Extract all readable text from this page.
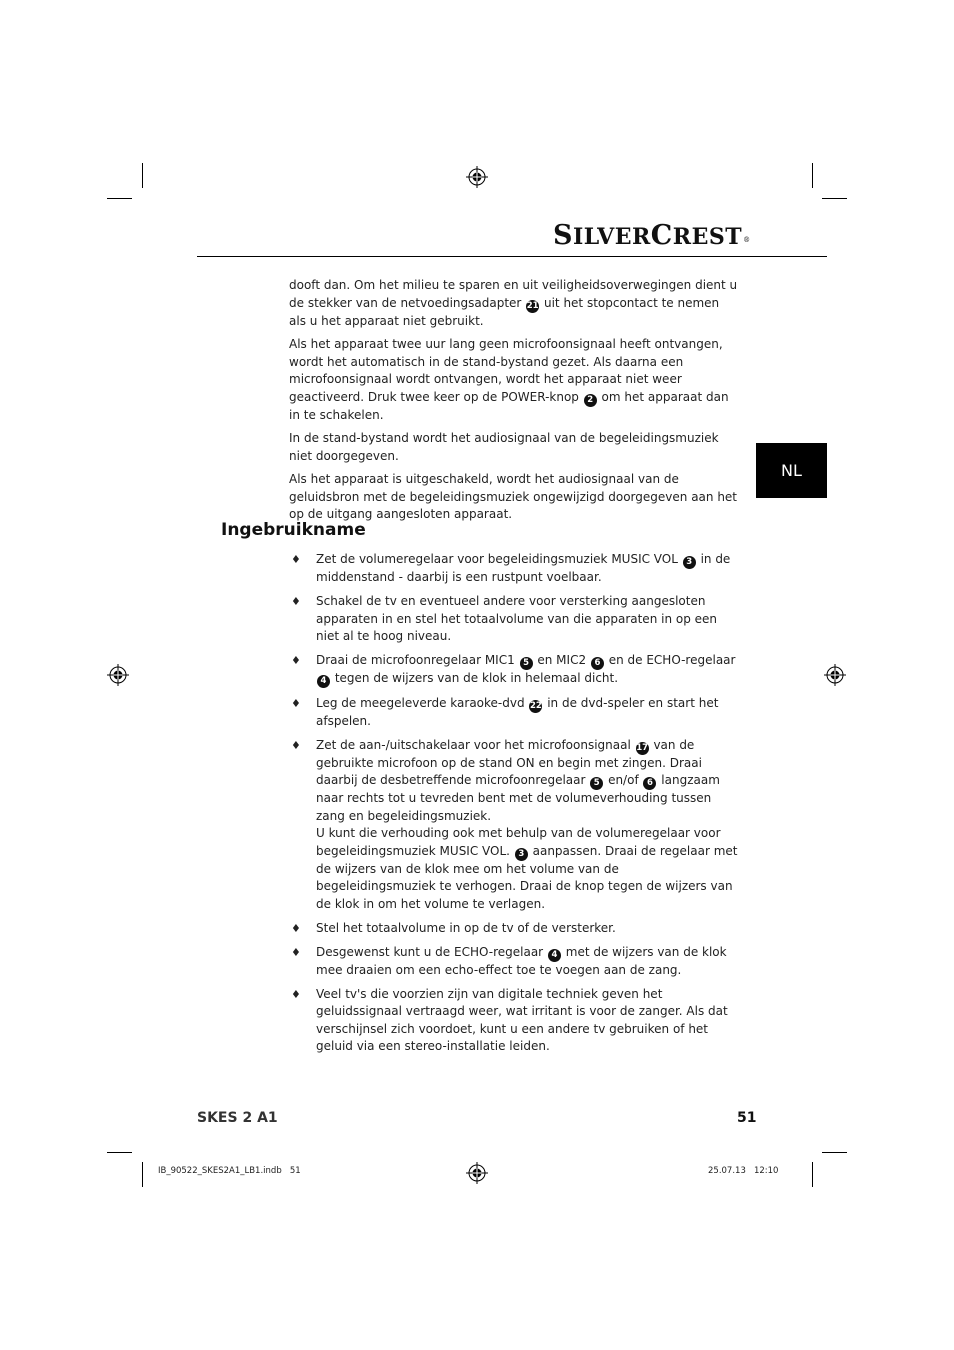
SILVERCREST®
NL

dooft dan. Om het milieu te sparen en uit veiligheidsoverwegingen dient u de stekker van de netvoedingsadapter 21 uit het stopcontact te nemen als u het apparaat niet gebruikt.

Als het apparaat twee uur lang geen microfoonsignaal heeft ontvangen, wordt het automatisch in de stand-bystand gezet. Als daarna een microfoonsignaal wordt ontvangen, wordt het apparaat niet weer geactiveerd. Druk twee keer op de POWER-knop 2 om het apparaat dan in te schakelen.

In de stand-bystand wordt het audiosignaal van de begeleidingsmuziek niet doorgegeven.

Als het apparaat is uitgeschakeld, wordt het audiosignaal van de geluidsbron met de begeleidingsmuziek ongewijzigd doorgegeven aan het op de uitgang aangesloten apparaat.

Ingebruikname
♦ Zet de volumeregelaar voor begeleidingsmuziek MUSIC VOL 3 in de middenstand - daarbij is een rustpunt voelbaar.
♦ Schakel de tv en eventueel andere voor versterking aangesloten apparaten in en stel het totaalvolume van die apparaten in op een niet al te hoog niveau.
♦ Draai de microfoonregelaar MIC1 5 en MIC2 6 en de ECHO-regelaar 4 tegen de wijzers van de klok in helemaal dicht.
♦ Leg de meegeleverde karaoke-dvd 22 in de dvd-speler en start het afspelen.
♦ Zet de aan-/uitschakelaar voor het microfoonsignaal 17 van de gebruikte microfoon op de stand ON en begin met zingen. Draai daarbij de desbetreffende microfoonregelaar 5 en/of 6 langzaam naar rechts tot u tevreden bent met de volumeverhouding tussen zang en begeleidingsmuziek.
U kunt die verhouding ook met behulp van de volumeregelaar voor begeleidingsmuziek MUSIC VOL. 3 aanpassen. Draai de regelaar met de wijzers van de klok mee om het volume van de begeleidingsmuziek te verhogen. Draai de knop tegen de wijzers van de klok in om het volume te verlagen.
♦ Stel het totaalvolume in op de tv of de versterker.
♦ Desgewenst kunt u de ECHO-regelaar 4 met de wijzers van de klok mee draaien om een echo-effect toe te voegen aan de zang.
♦ Veel tv's die voorzien zijn van digitale techniek geven het geluidssignaal vertraagd weer, wat irritant is voor de zanger. Als dat verschijnsel zich voordoet, kunt u een andere tv gebruiken of het geluid via een stereo-installatie leiden.
SKES 2 A1	51
IB_90522_SKES2A1_LB1.indb   51	25.07.13   12:10
